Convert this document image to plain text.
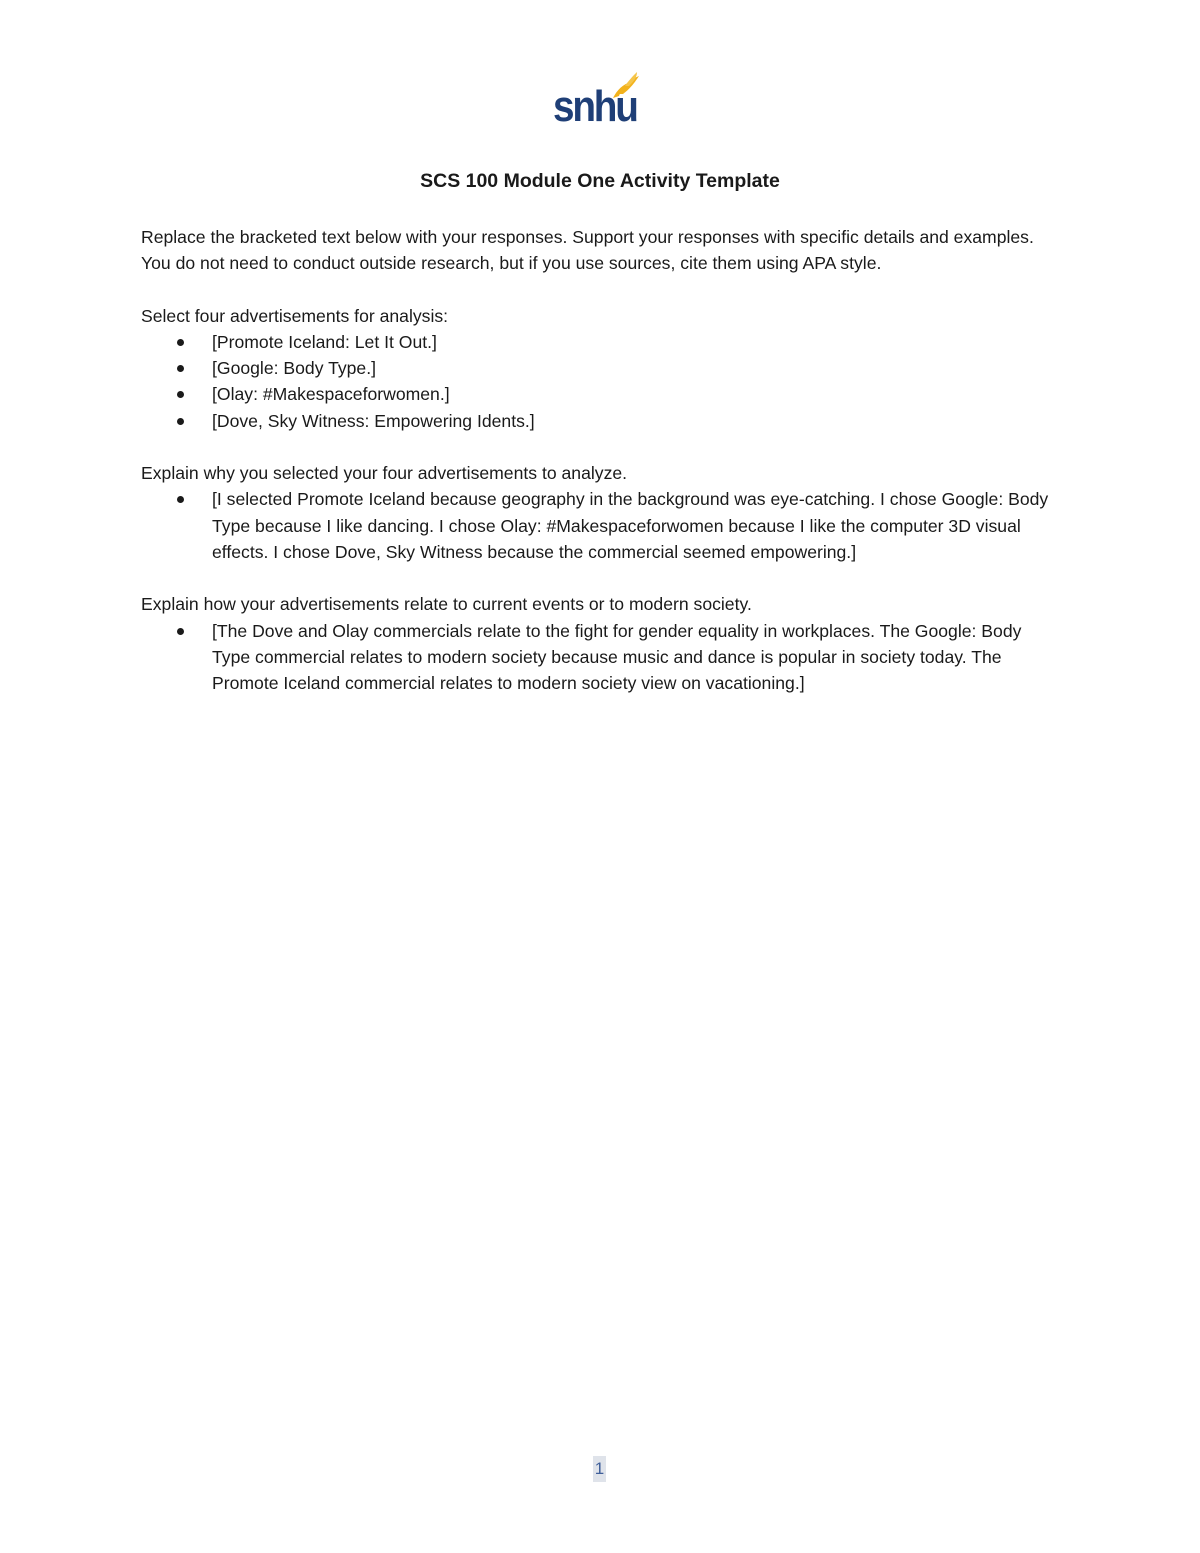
snhu
SCS 100 Module One Activity Template

Replace the bracketed text below with your responses. Support your responses with specific details and examples. You do not need to conduct outside research, but if you use sources, cite them using APA style.

Select four advertisements for analysis:

[Promote Iceland: Let It Out.]
[Google: Body Type.]
[Olay: #Makespaceforwomen.]
[Dove, Sky Witness: Empowering Idents.]

Explain why you selected your four advertisements to analyze.

[I selected Promote Iceland because geography in the background was eye-catching. I chose Google: Body Type because I like dancing. I chose Olay: #Makespaceforwomen because I like the computer 3D visual effects. I chose Dove, Sky Witness because the commercial seemed empowering.]

Explain how your advertisements relate to current events or to modern society.

[The Dove and Olay commercials relate to the fight for gender equality in workplaces. The Google: Body Type commercial relates to modern society because music and dance is popular in society today. The Promote Iceland commercial relates to modern society view on vacationing.]
1
